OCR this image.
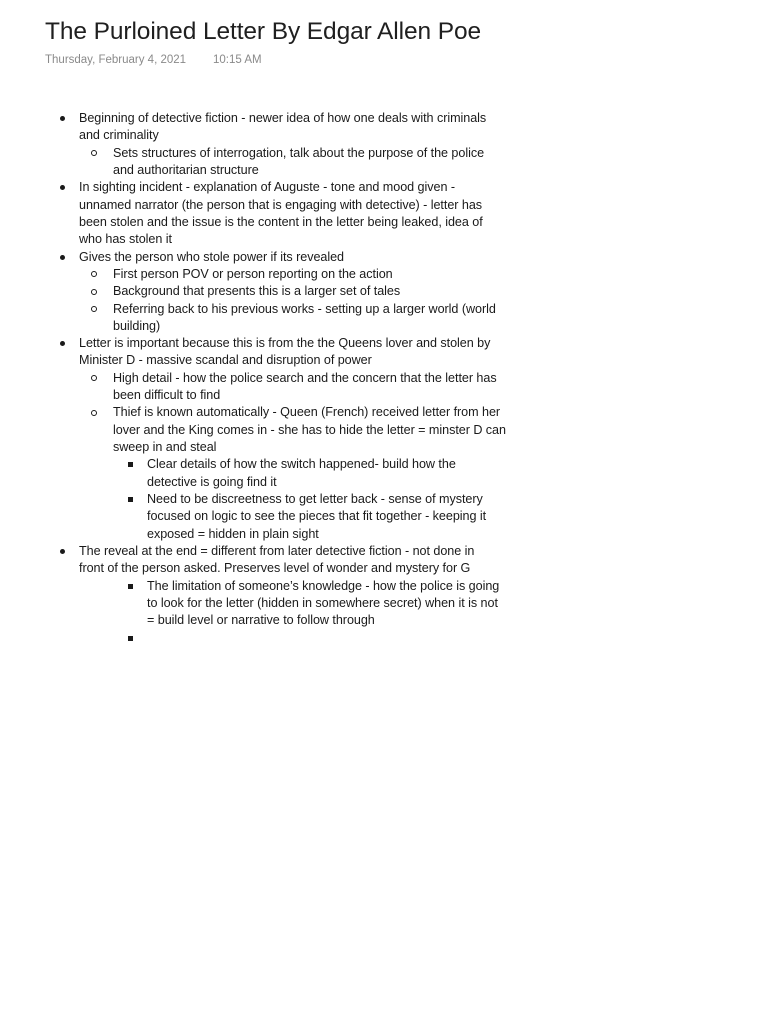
The Purloined Letter By Edgar Allen Poe
Thursday, February 4, 2021 10:15 AM
Beginning of detective fiction - newer idea of how one deals with criminals
and criminality
Sets structures of interrogation, talk about the purpose of the police
and authoritarian structure
In sighting incident - explanation of Auguste - tone and mood given -
unnamed narrator (the person that is engaging with detective) - letter has
been stolen and the issue is the content in the letter being leaked, idea of
who has stolen it
Gives the person who stole power if its revealed
First person POV or person reporting on the action
Background that presents this is a larger set of tales
Referring back to his previous works - setting up a larger world (world
building)
Letter is important because this is from the the Queens lover and stolen by
Minister D - massive scandal and disruption of power
High detail - how the police search and the concern that the letter has
been difficult to find
Thief is known automatically - Queen (French) received letter from her
lover and the King comes in - she has to hide the letter = minster D can
sweep in and steal
Clear details of how the switch happened- build how the
detective is going find it
Need to be discreetness to get letter back - sense of mystery
focused on logic to see the pieces that fit together - keeping it
exposed = hidden in plain sight
The reveal at the end = different from later detective fiction - not done in
front of the person asked. Preserves level of wonder and mystery for G
The limitation of someone’s knowledge - how the police is going
to look for the letter (hidden in somewhere secret) when it is not
= build level or narrative to follow through
